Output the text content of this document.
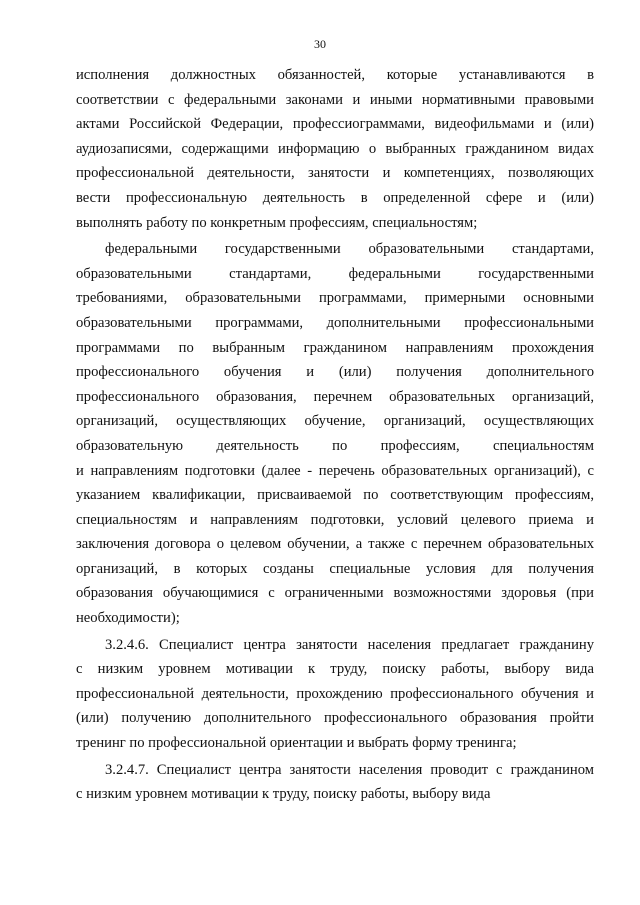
30
исполнения должностных обязанностей, которые устанавливаются в
соответствии с федеральными законами и иными нормативными правовыми
актами Российской Федерации, профессиограммами, видеофильмами и (или)
аудиозаписями, содержащими информацию о выбранных гражданином видах
профессиональной деятельности, занятости и компетенциях, позволяющих
вести профессиональную деятельность в определенной сфере и (или)
выполнять работу по конкретным профессиям, специальностям;
федеральными государственными образовательными стандартами,
образовательными стандартами, федеральными государственными
требованиями, образовательными программами, примерными основными
образовательными программами, дополнительными профессиональными
программами по выбранным гражданином направлениям прохождения
профессионального обучения и (или) получения дополнительного
профессионального образования, перечнем образовательных организаций,
организаций, осуществляющих обучение, организаций, осуществляющих
образовательную деятельность по профессиям, специальностям
и направлениям подготовки (далее - перечень образовательных организаций), с
указанием квалификации, присваиваемой по соответствующим профессиям,
специальностям и направлениям подготовки, условий целевого приема и
заключения договора о целевом обучении, а также с перечнем образовательных
организаций, в которых созданы специальные условия для получения
образования обучающимися с ограниченными возможностями здоровья (при
необходимости);
3.2.4.6. Специалист центра занятости населения предлагает гражданину
с низким уровнем мотивации к труду, поиску работы, выбору вида
профессиональной деятельности, прохождению профессионального обучения и
(или) получению дополнительного профессионального образования пройти
тренинг по профессиональной ориентации и выбрать форму тренинга;
3.2.4.7. Специалист центра занятости населения проводит с гражданином
с низким уровнем мотивации к труду, поиску работы, выбору вида
